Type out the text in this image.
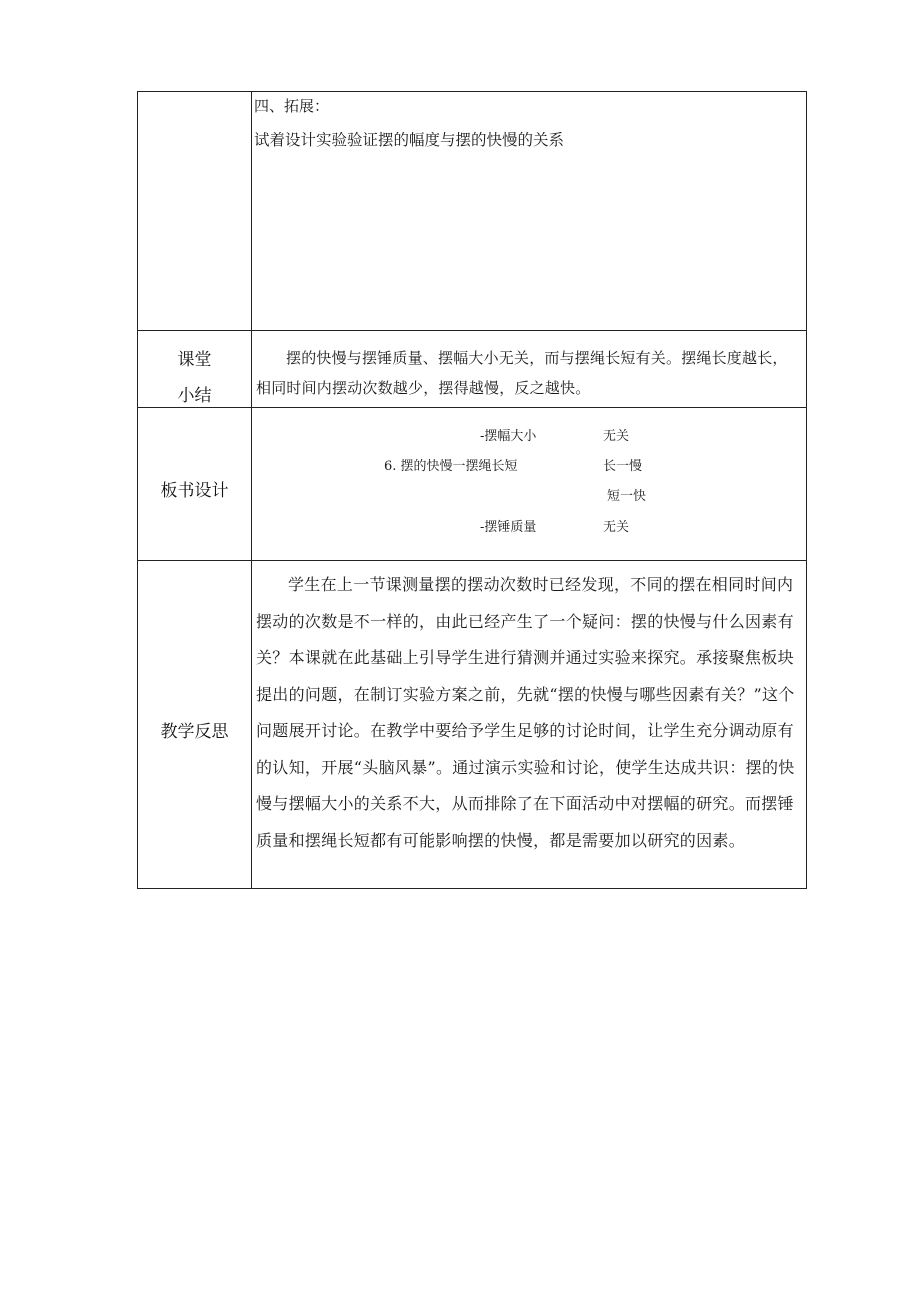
四、拓展：
试着设计实验验证摆的幅度与摆的快慢的关系
课堂
小结
摆的快慢与摆锤质量、摆幅大小无关，而与摆绳长短有关。摆绳长度越长，相同时间内摆动次数越少，摆得越慢，反之越快。
板书设计
-摆幅大小	无关
6. 摆的快慢一摆绳长短	长一慢
短一快
-摆锤质量	无关
教学反思
学生在上一节课测量摆的摆动次数时已经发现，不同的摆在相同时间内摆动的次数是不一样的，由此已经产生了一个疑问：摆的快慢与什么因素有关？本课就在此基础上引导学生进行猜测并通过实验来探究。承接聚焦板块提出的问题，在制订实验方案之前，先就“摆的快慢与哪些因素有关？”这个问题展开讨论。在教学中要给予学生足够的讨论时间，让学生充分调动原有的认知，开展“头脑风暴”。通过演示实验和讨论，使学生达成共识：摆的快慢与摆幅大小的关系不大，从而排除了在下面活动中对摆幅的研究。而摆锤质量和摆绳长短都有可能影响摆的快慢，都是需要加以研究的因素。
